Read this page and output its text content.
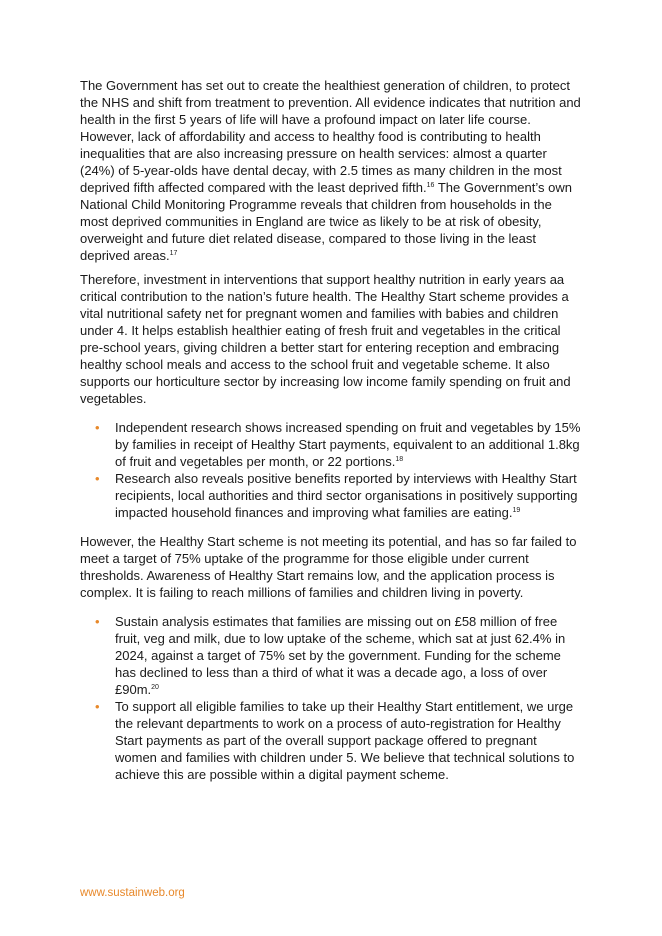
The Government has set out to create the healthiest generation of children, to protect the NHS and shift from treatment to prevention. All evidence indicates that nutrition and health in the first 5 years of life will have a profound impact on later life course. However, lack of affordability and access to healthy food is contributing to health inequalities that are also increasing pressure on health services: almost a quarter (24%) of 5-year-olds have dental decay, with 2.5 times as many children in the most deprived fifth affected compared with the least deprived fifth.$^{16}$ The Government’s own National Child Monitoring Programme reveals that children from households in the most deprived communities in England are twice as likely to be at risk of obesity, overweight and future diet related disease, compared to those living in the least deprived areas.$^{17}$

Therefore, investment in interventions that support healthy nutrition in early years aa critical contribution to the nation’s future health. The Healthy Start scheme provides a vital nutritional safety net for pregnant women and families with babies and children under 4. It helps establish healthier eating of fresh fruit and vegetables in the critical pre-school years, giving children a better start for entering reception and embracing healthy school meals and access to the school fruit and vegetable scheme. It also supports our horticulture sector by increasing low income family spending on fruit and vegetables.

• Independent research shows increased spending on fruit and vegetables by 15% by families in receipt of Healthy Start payments, equivalent to an additional 1.8kg of fruit and vegetables per month, or 22 portions.$^{18}$
• Research also reveals positive benefits reported by interviews with Healthy Start recipients, local authorities and third sector organisations in positively supporting impacted household finances and improving what families are eating.$^{19}$

However, the Healthy Start scheme is not meeting its potential, and has so far failed to meet a target of 75% uptake of the programme for those eligible under current thresholds. Awareness of Healthy Start remains low, and the application process is complex. It is failing to reach millions of families and children living in poverty.

• Sustain analysis estimates that families are missing out on £58 million of free fruit, veg and milk, due to low uptake of the scheme, which sat at just 62.4% in 2024, against a target of 75% set by the government. Funding for the scheme has declined to less than a third of what it was a decade ago, a loss of over £90m.$^{20}$
• To support all eligible families to take up their Healthy Start entitlement, we urge the relevant departments to work on a process of auto-registration for Healthy Start payments as part of the overall support package offered to pregnant women and families with children under 5. We believe that technical solutions to achieve this are possible within a digital payment scheme.
www.sustainweb.org
